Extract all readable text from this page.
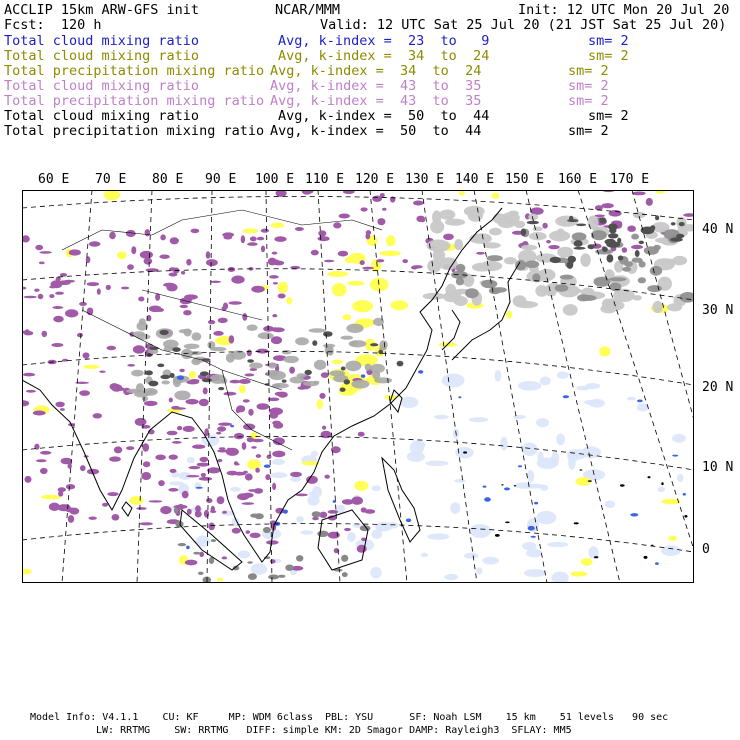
ACCLIP 15km ARW-GFS init	NCAR/MMM	Init: 12 UTC Mon 20 Jul 20
Fcst:  120 h	Valid: 12 UTC Sat 25 Jul 20 (21 JST Sat 25 Jul 20)
Total cloud mixing ratio	Avg, k-index =  23  to   9	sm= 2
Total cloud mixing ratio	Avg, k-index =  34  to  24	sm= 2
Total precipitation mixing ratio Avg, k-index =  34  to  24	sm= 2
Total cloud mixing ratio	Avg, k-index =  43  to  35	sm= 2
Total precipitation mixing ratio Avg, k-index =  43  to  35	sm= 2
Total cloud mixing ratio	Avg, k-index =  50  to  44	sm= 2
Total precipitation mixing ratio Avg, k-index =  50  to  44	sm= 2
60 E 70 E 80 E 90 E 100 E 110 E 120 E 130 E 140 E 150 E 160 E 170 E
40 N
30 N
20 N
10 N
0
Model Info: V4.1.1    CU: KF     MP: WDM 6class  PBL: YSU      SF: Noah LSM    15 km    51 levels   90 sec
LW: RRTMG    SW: RRTMG   DIFF: simple KM: 2D Smagor DAMP: Rayleigh3  SFLAY: MM5
